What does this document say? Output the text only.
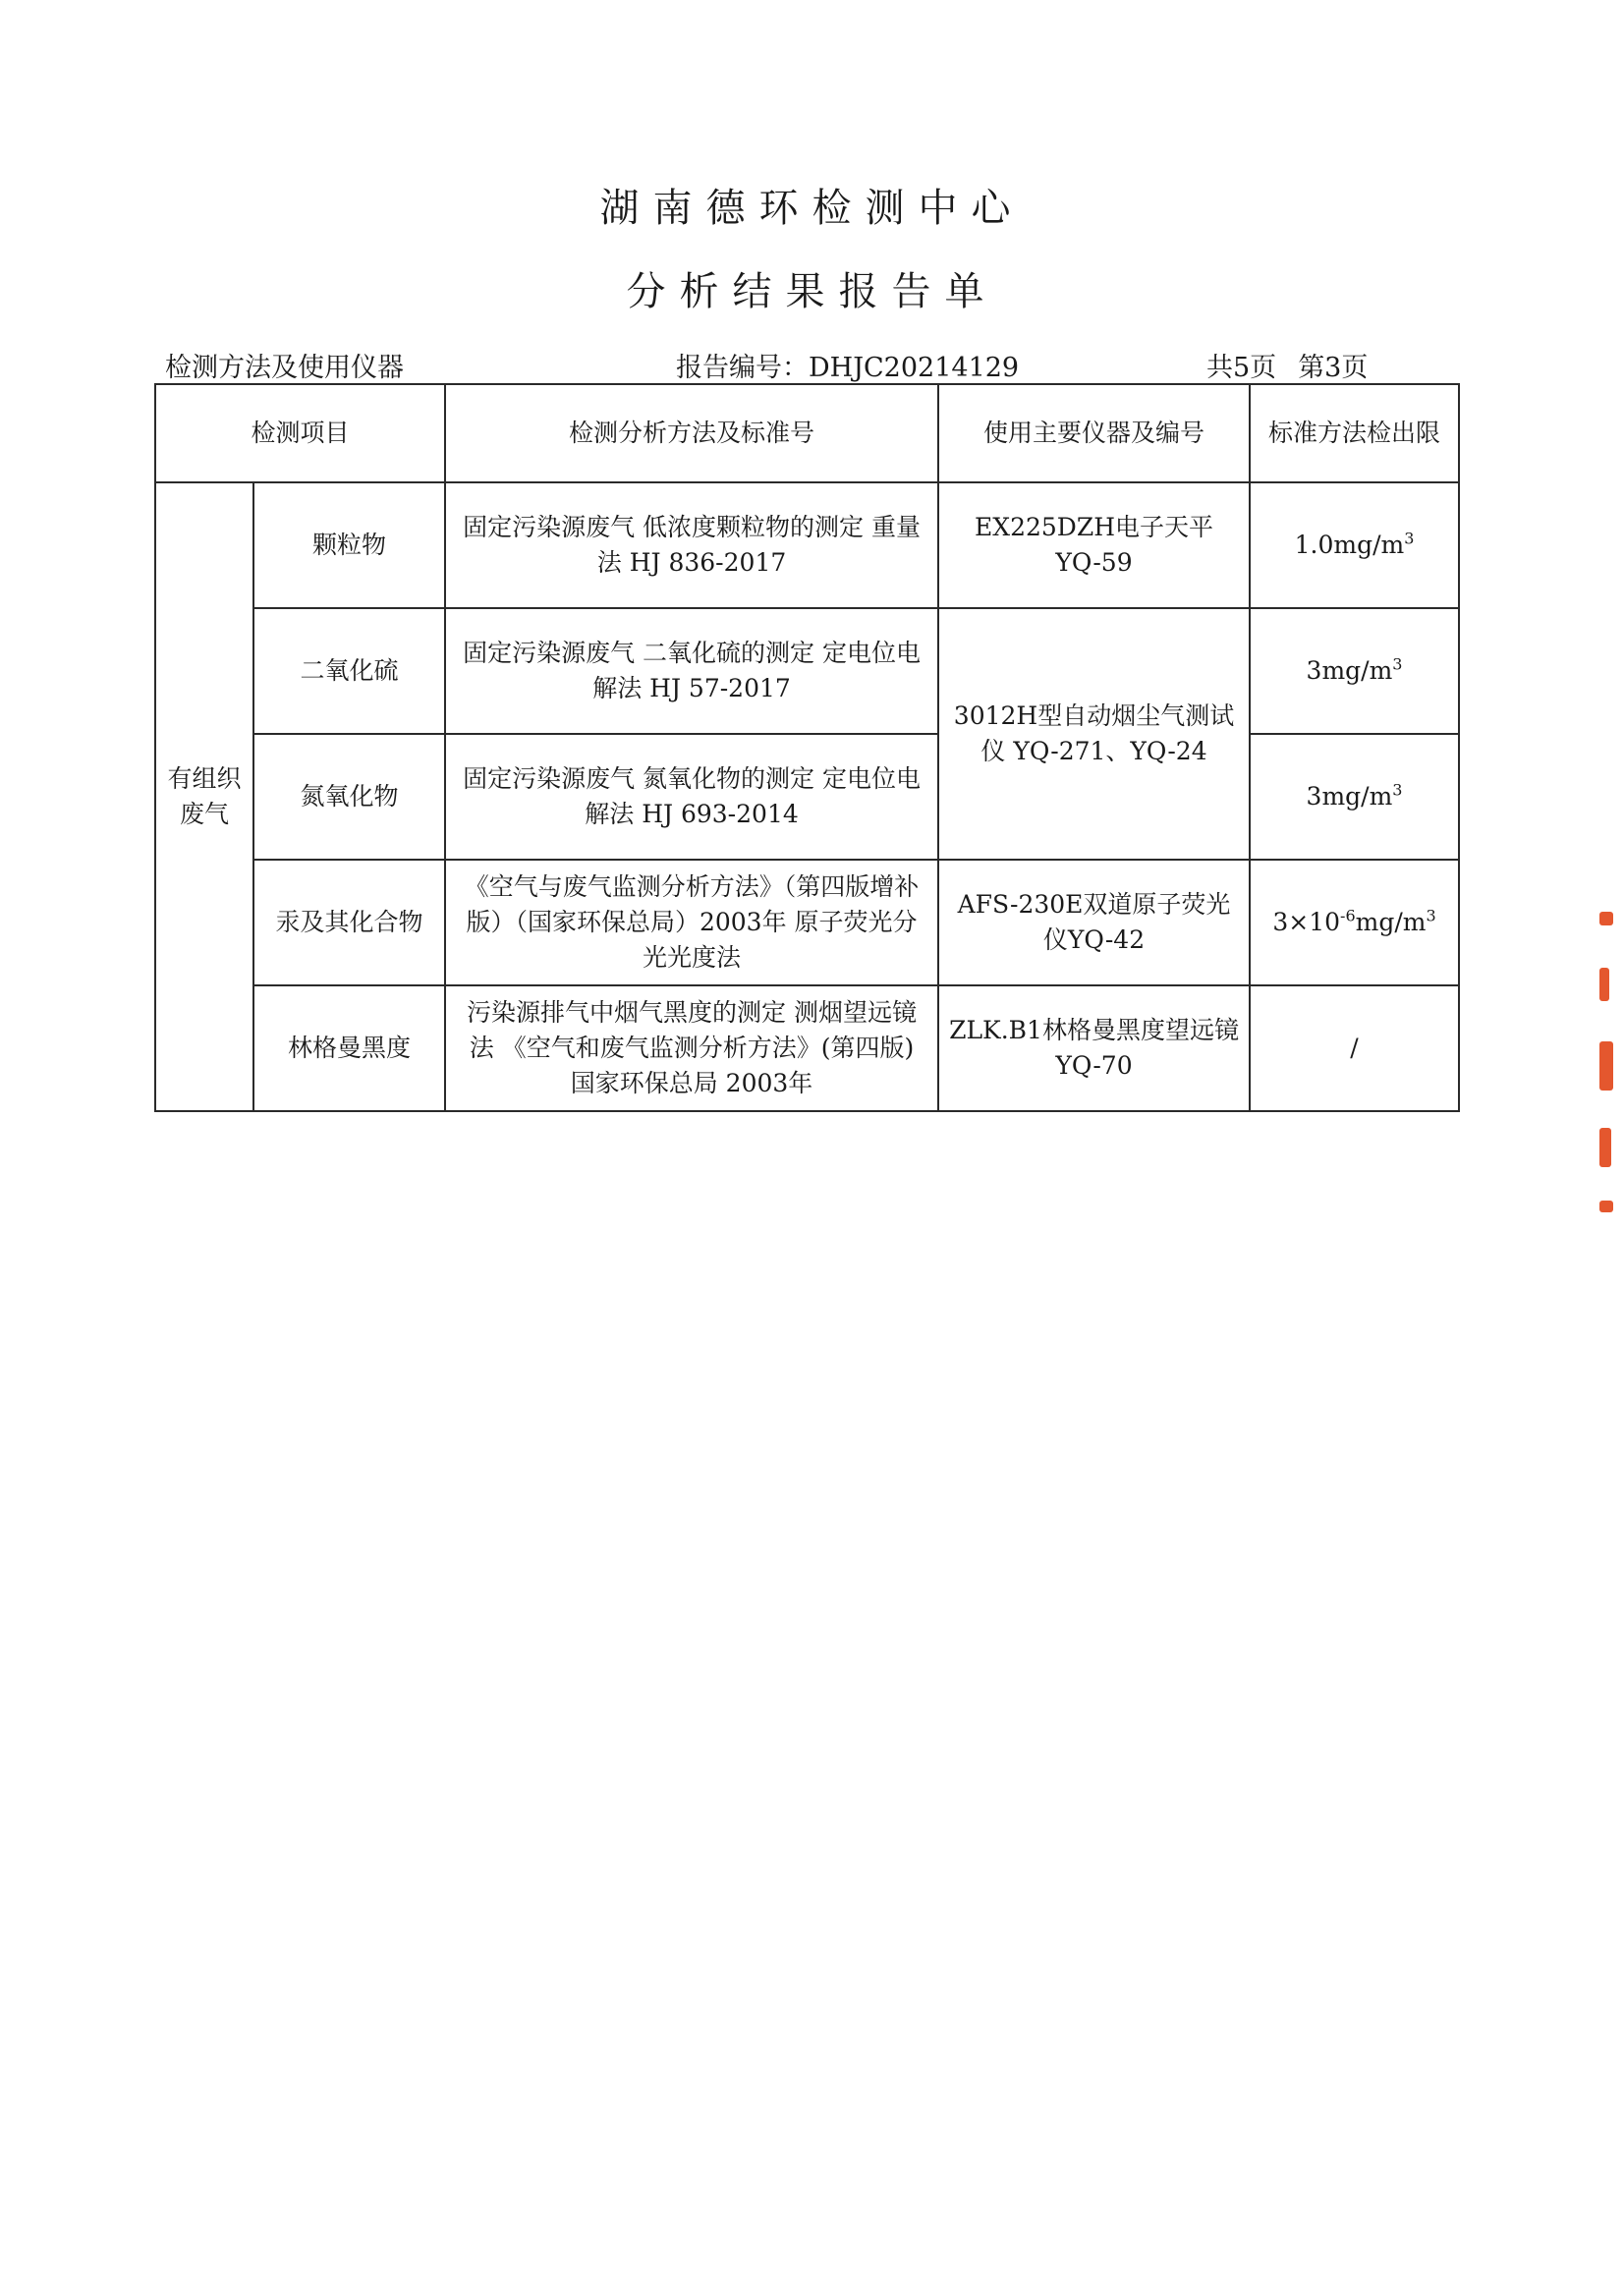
湖南德环检测中心
分析结果报告单
检测方法及使用仪器	报告编号：DHJC20214129	共5页 第3页
检测项目		检测分析方法及标准号	使用主要仪器及编号	标准方法检出限
有组织
废气	颗粒物	固定污染源废气 低浓度颗粒物的测定 重量法 HJ 836-2017	EX225DZH电子天平 YQ-59	$1.0mg/m^3$
	二氧化硫	固定污染源废气 二氧化硫的测定 定电位电解法 HJ 57-2017	3012H型自动烟尘气测试仪 YQ-271、YQ-24	$3mg/m^3$
	氮氧化物	固定污染源废气 氮氧化物的测定 定电位电解法 HJ 693-2014		$3mg/m^3$
	汞及其化合物	《空气与废气监测分析方法》（第四版增补版）（国家环保总局）2003年 原子荧光分光光度法	AFS-230E双道原子荧光仪YQ-42	$3\times 10^{-6}mg/m^3$
	林格曼黑度	污染源排气中烟气黑度的测定 测烟望远镜法 《空气和废气监测分析方法》(第四版) 国家环保总局 2003年	ZLK.B1林格曼黑度望远镜YQ-70	/
